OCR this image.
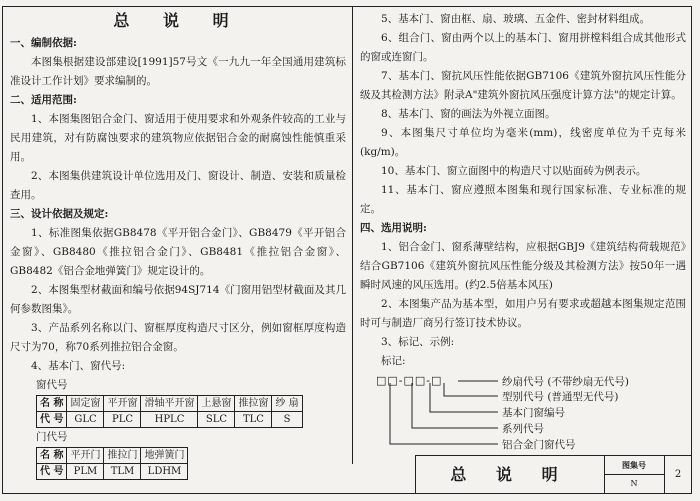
总 说 明
一、编制依据:
本图集根据建设部建设[1991]57号文《一九九一年全国通用建筑标准设计工作计划》要求编制的。
二、适用范围:
1、本图集图铝合金门、窗适用于使用要求和外观条件较高的工业与民用建筑，对有防腐蚀要求的建筑物应依据铝合金的耐腐蚀性能慎重采用。
2、本图集供建筑设计单位选用及门、窗设计、制造、安装和质量检查用。
三、设计依据及规定:
1、标准图集依据GB8478《平开铝合金门》、GB8479《平开铝合金窗》、GB8480《推拉铝合金门》、GB8481《推拉铝合金窗》、GB8482《铝合金地弹簧门》规定设计的。
2、本图集型材截面和编号依据94SJ714《门窗用铝型材截面及其几何参数图集》。
3、产品系列名称以门、窗框厚度构造尺寸区分，例如窗框厚度构造尺寸为70，称70系列推拉铝合金窗。
4、基本门、窗代号:
窗代号
名 称	固定窗	平开窗	滑轴平开窗	上悬窗	推拉窗	纱 扇
代 号	GLC	PLC	HPLC	SLC	TLC	S
门代号
名 称	平开门	推拉门	地弹簧门
代 号	PLM	TLM	LDHM
5、基本门、窗由框、扇、玻璃、五金件、密封材料组成。
6、组合门、窗由两个以上的基本门、窗用拼樘料组合成其他形式的窗或连窗门。
7、基本门、窗抗风压性能依据GB7106《建筑外窗抗风压性能分级及其检测方法》附录A"建筑外窗抗风压强度计算方法"的规定计算。
8、基本门、窗的画法为外视立面图。
9、本图集尺寸单位均为毫米(mm)，线密度单位为千克每米(kg/m)。
10、基本门、窗立面图中的构造尺寸以贴面砖为例表示。
11、基本门、窗应遵照本图集和现行国家标准、专业标准的规定。
四、选用说明:
1、铝合金门、窗系薄壁结构，应根据GBJ9《建筑结构荷载规范》结合GB7106《建筑外窗抗风压性能分级及其检测方法》按50年一遇瞬时风速的风压选用。(约2.5倍基本风压)
2、本图集产品为基本型，如用户另有要求或超越本图集规定范围时可与制造厂商另行签订技术协议。
3、标记、示例:
标记:
□□-□□-□	纱扇代号 (不带纱扇无代号)
型别代号 (普通型无代号)
基本门窗编号
系列代号
铝合金门窗代号
总 说 明	图集号
N
2
